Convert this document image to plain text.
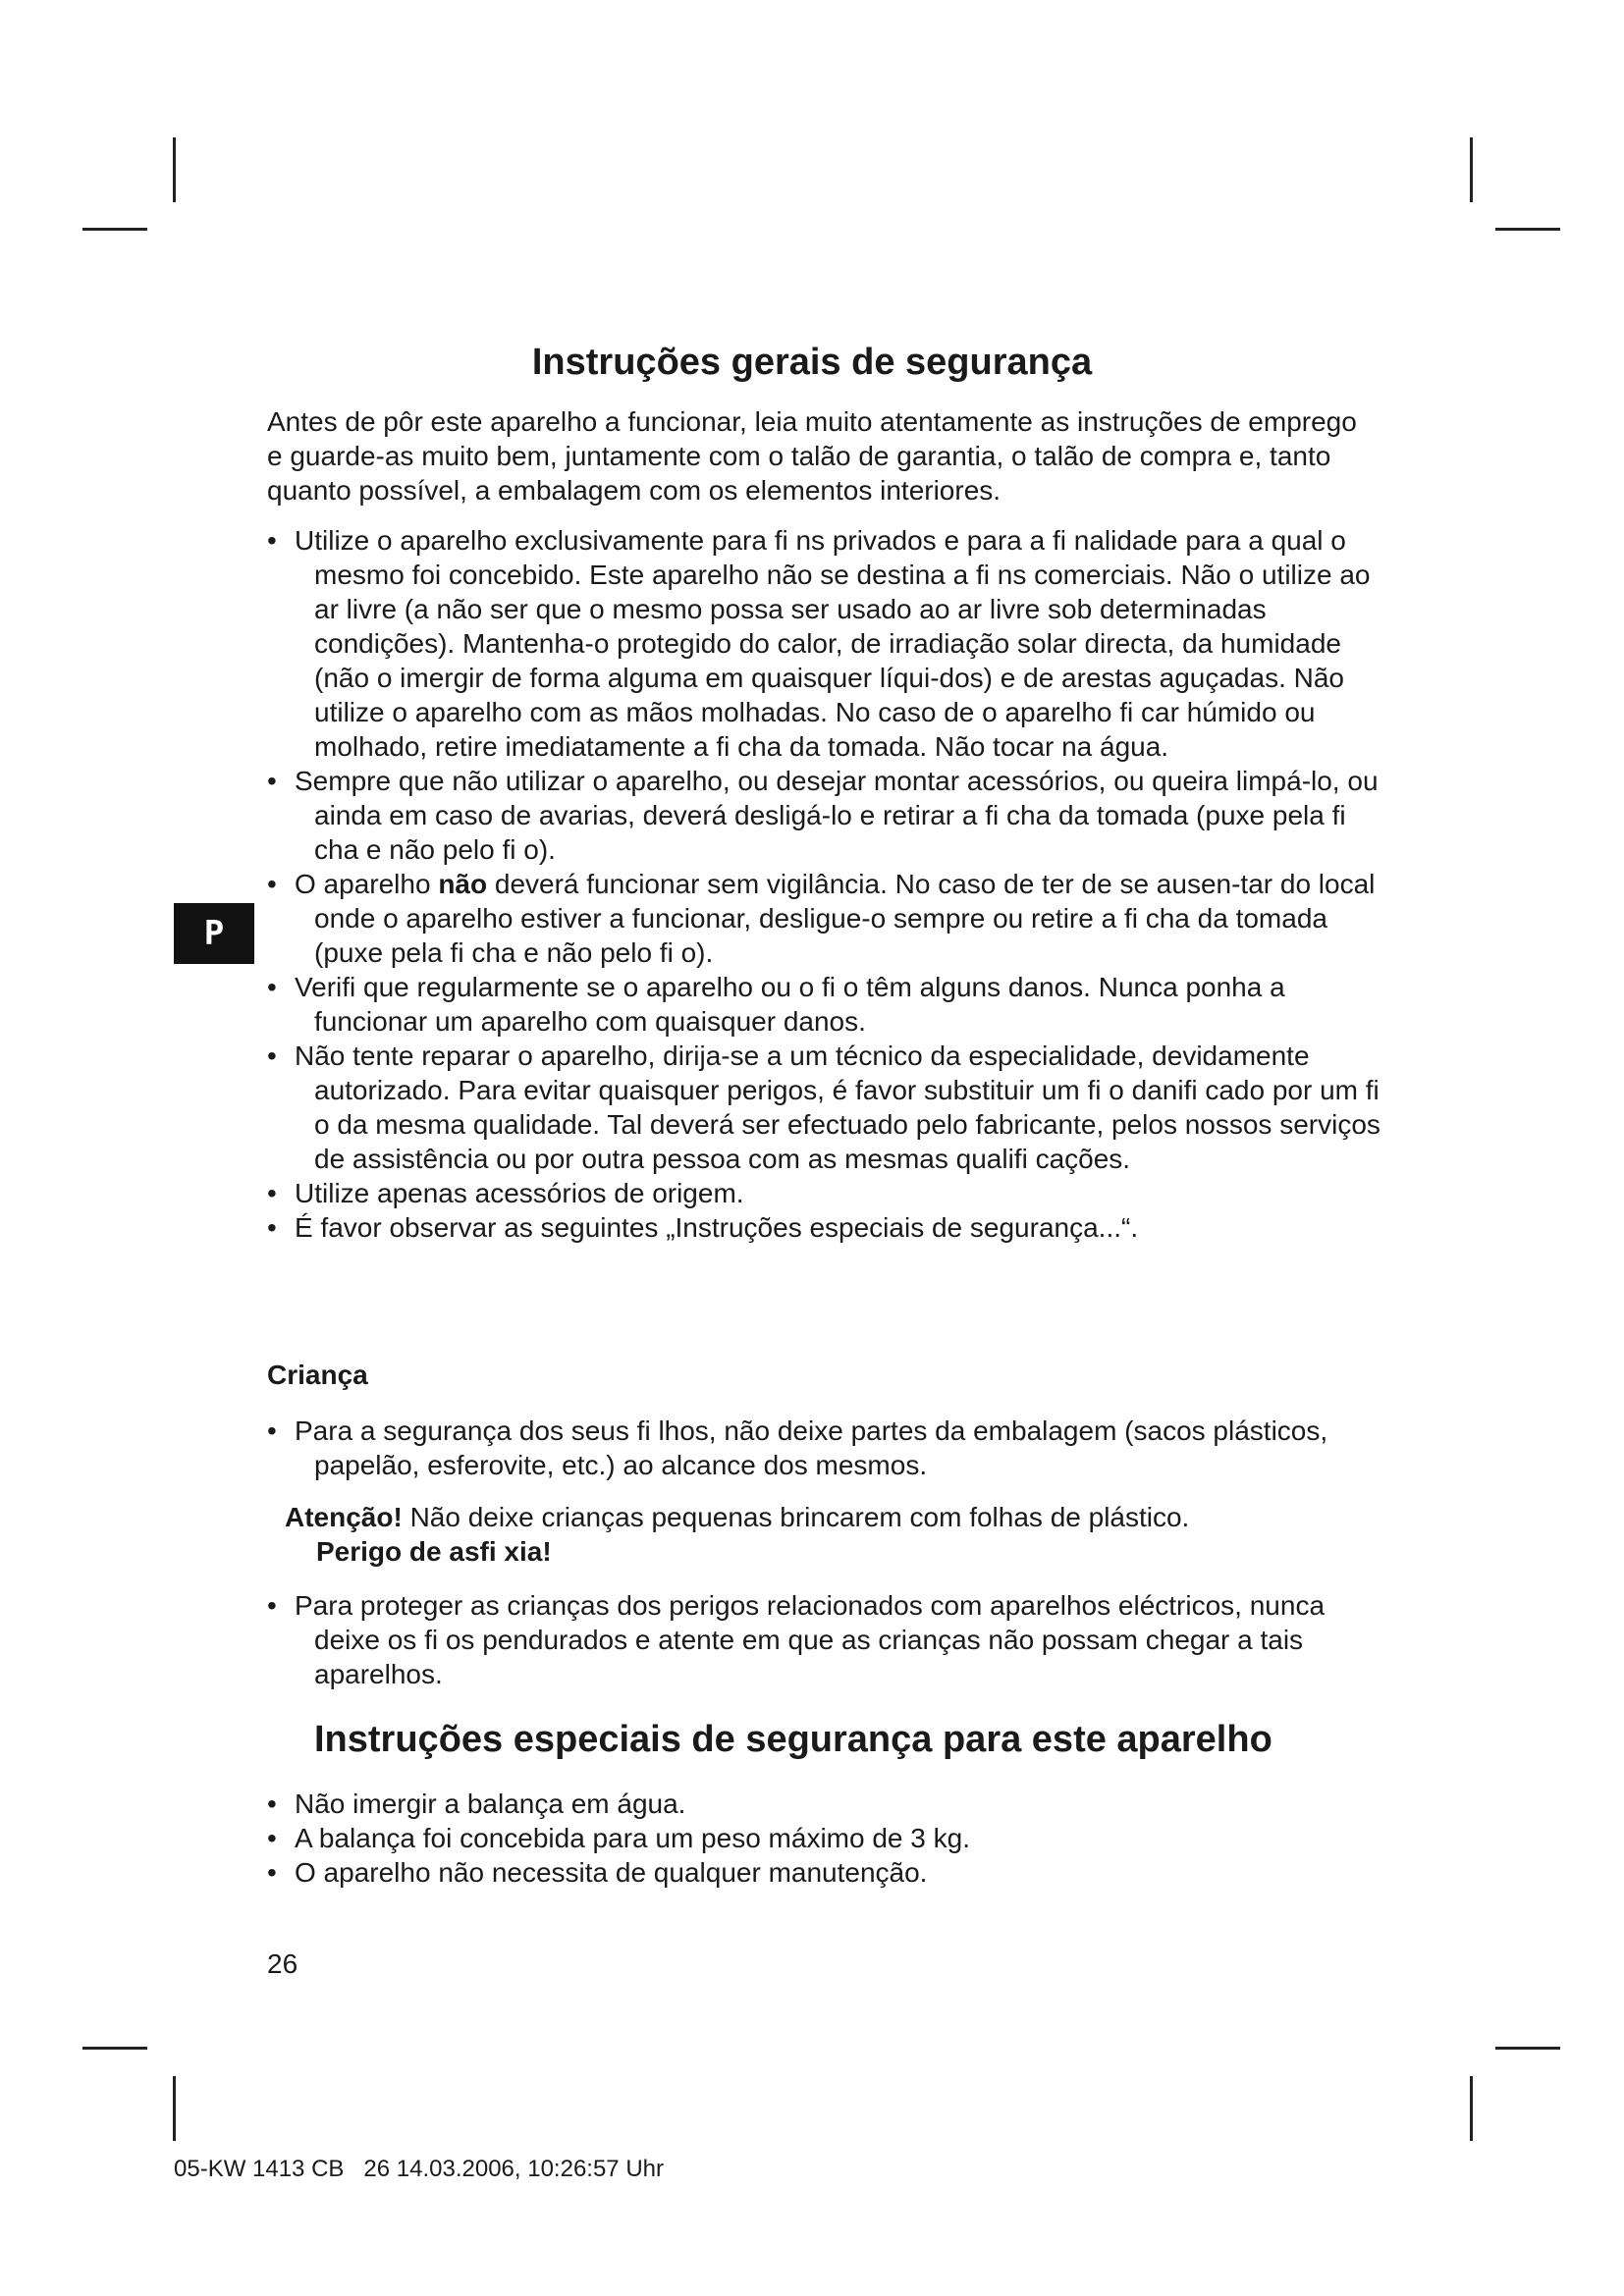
P
Instruções gerais de segurança

Antes de pôr este aparelho a funcionar, leia muito atentamente as instruções de emprego e guarde-as muito bem, juntamente com o talão de garantia, o talão de compra e, tanto quanto possível, a embalagem com os elementos interiores.

• Utilize o aparelho exclusivamente para fi ns privados e para a fi nalidade para a qual o mesmo foi concebido. Este aparelho não se destina a fi ns comerciais. Não o utilize ao ar livre (a não ser que o mesmo possa ser usado ao ar livre sob determinadas condições). Mantenha-o protegido do calor, de irradiação solar directa, da humidade (não o imergir de forma alguma em quaisquer líqui-dos) e de arestas aguçadas. Não utilize o aparelho com as mãos molhadas. No caso de o aparelho fi car húmido ou molhado, retire imediatamente a fi cha da tomada. Não tocar na água.
• Sempre que não utilizar o aparelho, ou desejar montar acessórios, ou queira limpá-lo, ou ainda em caso de avarias, deverá desligá-lo e retirar a fi cha da tomada (puxe pela fi cha e não pelo fi o).
• O aparelho não deverá funcionar sem vigilância. No caso de ter de se ausen-tar do local onde o aparelho estiver a funcionar, desligue-o sempre ou retire a fi cha da tomada (puxe pela fi cha e não pelo fi o).
• Verifi que regularmente se o aparelho ou o fi o têm alguns danos. Nunca ponha a funcionar um aparelho com quaisquer danos.
• Não tente reparar o aparelho, dirija-se a um técnico da especialidade, devidamente autorizado. Para evitar quaisquer perigos, é favor substituir um fi o danifi cado por um fi o da mesma qualidade. Tal deverá ser efectuado pelo fabricante, pelos nossos serviços de assistência ou por outra pessoa com as mesmas qualifi cações.
• Utilize apenas acessórios de origem.
• É favor observar as seguintes „Instruções especiais de segurança...“.
Criança
• Para a segurança dos seus fi lhos, não deixe partes da embalagem (sacos plásticos, papelão, esferovite, etc.) ao alcance dos mesmos.

Atenção! Não deixe crianças pequenas brincarem com folhas de plástico.
Perigo de asfi xia!

• Para proteger as crianças dos perigos relacionados com aparelhos eléctricos, nunca deixe os fi os pendurados e atente em que as crianças não possam chegar a tais aparelhos.
Instruções especiais de segurança para este aparelho
• Não imergir a balança em água.
• A balança foi concebida para um peso máximo de 3 kg.
• O aparelho não necessita de qualquer manutenção.
26
05-KW 1413 CB   26 14.03.2006, 10:26:57 Uhr
